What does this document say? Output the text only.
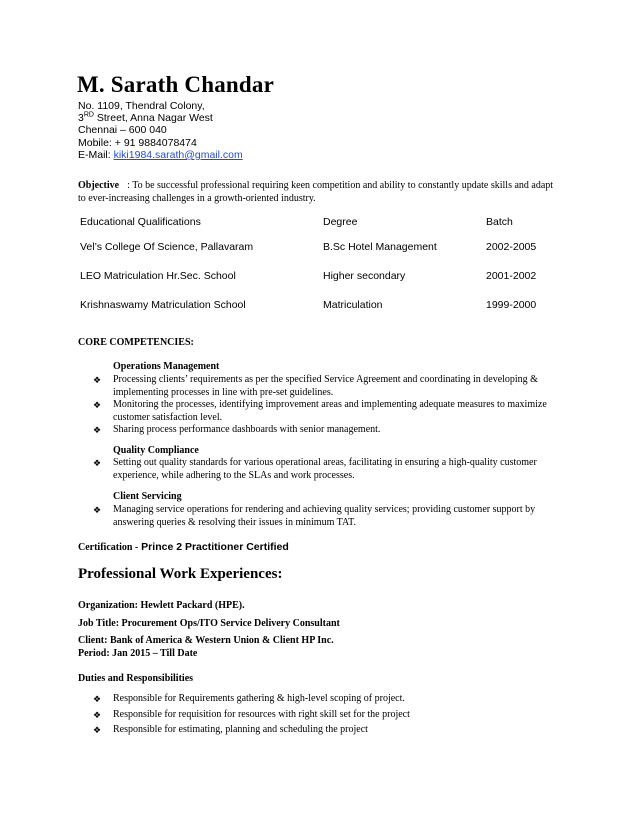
M. Sarath Chandar
No. 1109, Thendral Colony,
3RD Street, Anna Nagar West
Chennai – 600 040
Mobile: + 91 9884078474
E-Mail: kiki1984.sarath@gmail.com
Objective : To be successful professional requiring keen competition and ability to constantly update skills and adapt to ever-increasing challenges in a growth-oriented industry.
Educational Qualifications	Degree	Batch
Vel’s College Of Science, Pallavaram	B.Sc Hotel Management	2002-2005
LEO Matriculation Hr.Sec. School	Higher secondary	2001-2002
Krishnaswamy Matriculation School	Matriculation	1999-2000
CORE COMPETENCIES:
Operations Management
❖	Processing clients’ requirements as per the specified Service Agreement and coordinating in developing & implementing processes in line with pre-set guidelines.
❖	Monitoring the processes, identifying improvement areas and implementing adequate measures to maximize customer satisfaction level.
❖	Sharing process performance dashboards with senior management.
Quality Compliance
❖	Setting out quality standards for various operational areas, facilitating in ensuring a high-quality customer experience, while adhering to the SLAs and work processes.
Client Servicing
❖	Managing service operations for rendering and achieving quality services; providing customer support by answering queries & resolving their issues in minimum TAT.
Certification - Prince 2 Practitioner Certified
Professional Work Experiences:
Organization: Hewlett Packard (HPE).
Job Title: Procurement Ops/ITO Service Delivery Consultant
Client: Bank of America & Western Union & Client HP Inc.
Period: Jan 2015 – Till Date
Duties and Responsibilities
❖	Responsible for Requirements gathering & high-level scoping of project.
❖	Responsible for requisition for resources with right skill set for the project
❖	Responsible for estimating, planning and scheduling the project
